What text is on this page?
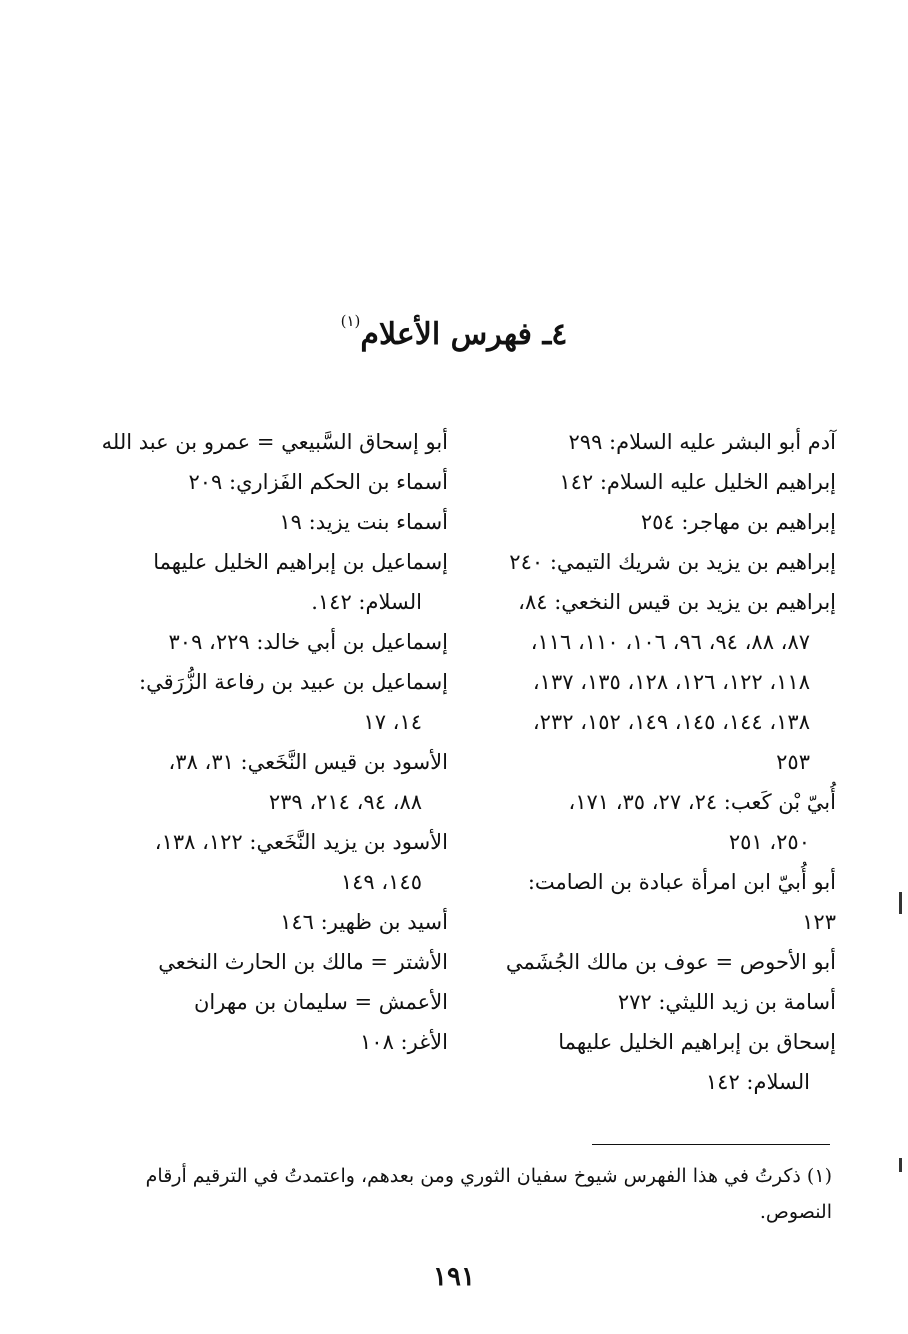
٤ـ فهرس الأعلام$^{(١)}$

آدم أبو البشر عليه السلام: ٢٩٩

إبراهيم الخليل عليه السلام: ١٤٢

إبراهيم بن مهاجر: ٢٥٤

إبراهيم بن يزيد بن شريك التيمي: ٢٤٠

إبراهيم بن يزيد بن قيس النخعي: ٨٤،
٨٧، ٨٨، ٩٤، ٩٦، ١٠٦، ١١٠، ١١٦، ١١٨، ١٢٢، ١٢٦، ١٢٨، ١٣٥، ١٣٧، ١٣٨، ١٤٤، ١٤٥، ١٤٩، ١٥٢، ٢٣٢، ٢٥٣

أُبيّ بْن كَعب: ٢٤، ٢٧، ٣٥، ١٧١،
٢٥٠، ٢٥١

أبو أُبيّ ابن امرأة عبادة بن الصامت: ١٢٣

أبو الأحوص = عوف بن مالك الجُشَمي

أسامة بن زيد الليثي: ٢٧٢

إسحاق بن إبراهيم الخليل عليهما
السلام: ١٤٢

أبو إسحاق السَّبيعي = عمرو بن عبد الله

أسماء بن الحكم الفَزاري: ٢٠٩

أسماء بنت يزيد: ١٩

إسماعيل بن إبراهيم الخليل عليهما
السلام: ١٤٢.

إسماعيل بن أبي خالد: ٢٢٩، ٣٠٩

إسماعيل بن عبيد بن رفاعة الزُّرَقي:
١٤، ١٧

الأسود بن قيس النَّخَعي: ٣١، ٣٨،
٨٨، ٩٤، ٢١٤، ٢٣٩

الأسود بن يزيد النَّخَعي: ١٢٢، ١٣٨،
١٤٥، ١٤٩

أسيد بن ظهير: ١٤٦

الأشتر = مالك بن الحارث النخعي

الأعمش = سليمان بن مهران

الأغر: ١٠٨

(١) ذكرتُ في هذا الفهرس شيوخ سفيان الثوري ومن بعدهم، واعتمدتُ في الترقيم أرقام النصوص.
١٩١
